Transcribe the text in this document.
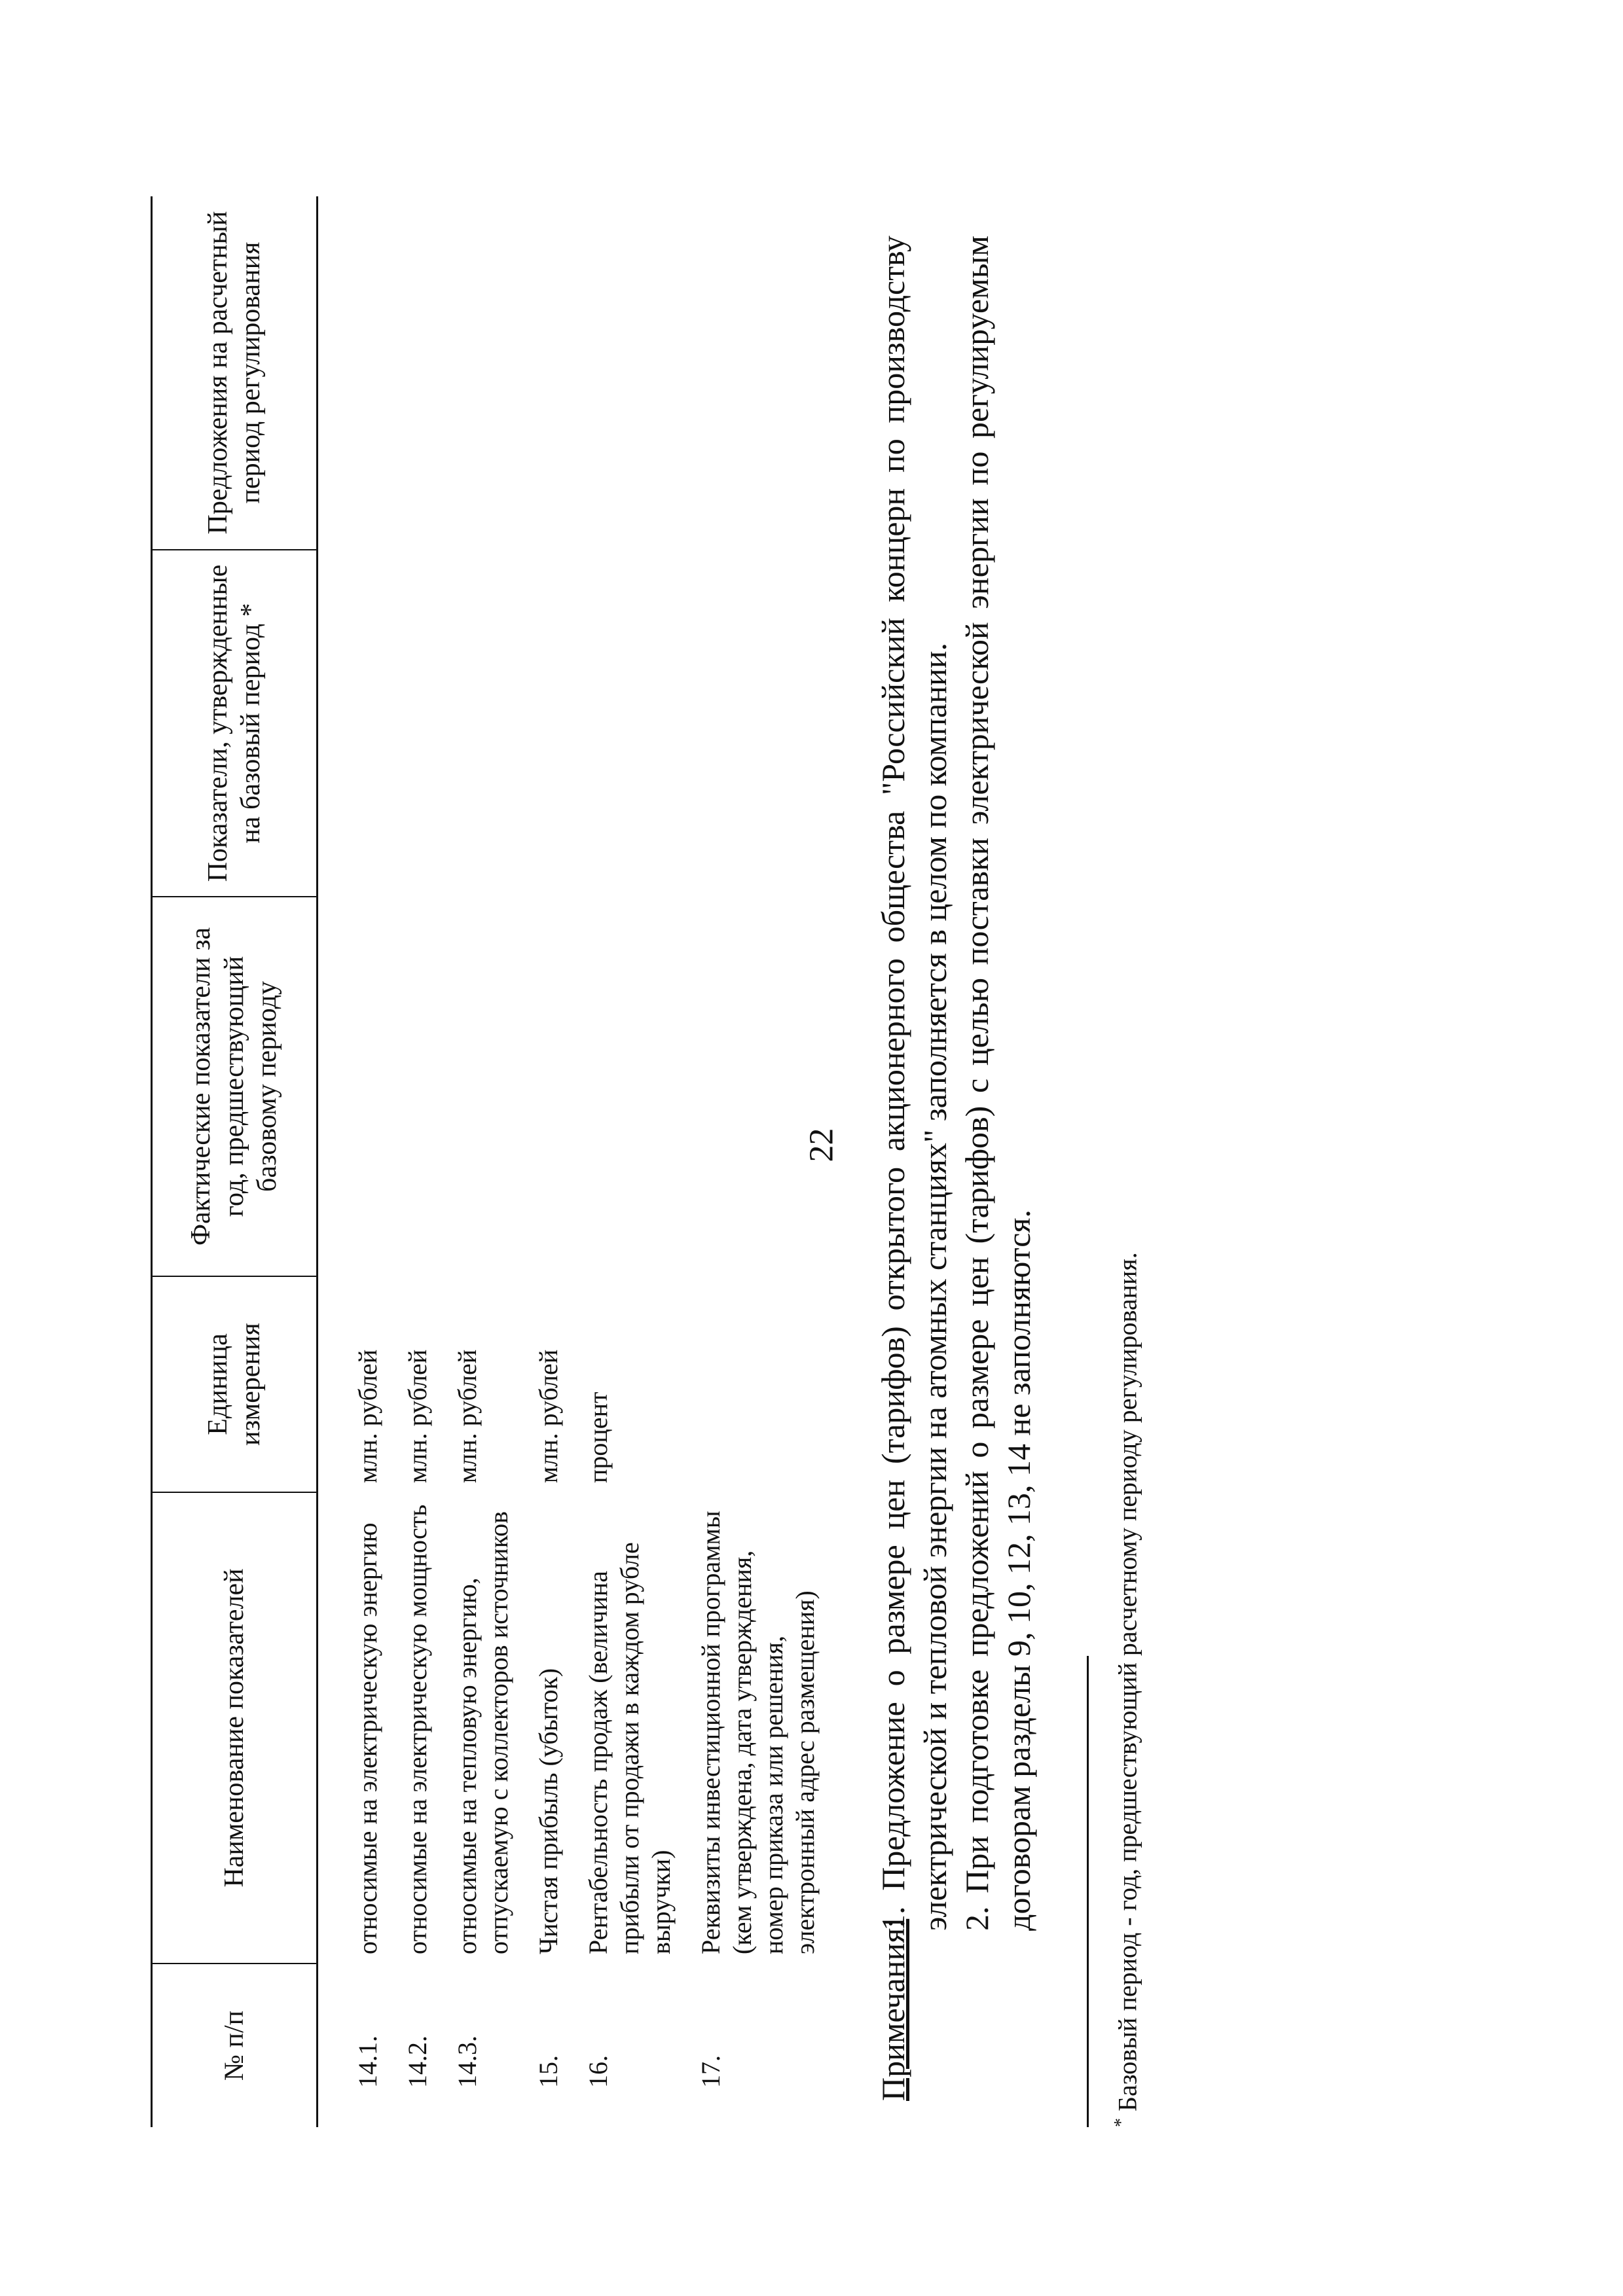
22
№ п/п	Наименование показателей	Единица измерения	Фактические показатели за год, предшествующий базовому периоду	Показатели, утвержденные на базовый период *	Предложения на расчетный период регулирования
14.1.	относимые на электрическую энергию	млн. рублей			
14.2.	относимые на электрическую мощность	млн. рублей			
14.3.	относимые на тепловую энергию, отпускаемую с коллекторов источников	млн. рублей			
15.	Чистая прибыль (убыток)	млн. рублей			
16.	Рентабельность продаж (величина прибыли от продажи в каждом рубле выручки)	процент			
17.	Реквизиты инвестиционной программы (кем утверждена, дата утверждения, номер приказа или решения, электронный адрес размещения)				
Примечания:
1. Предложение о размере цен (тарифов) открытого акционерного общества "Российский концерн по производству электрической и тепловой энергии на атомных станциях" заполняется в целом по компании. 2. При подготовке предложений о размере цен (тарифов) с целью поставки электрической энергии по регулируемым договорам разделы 9, 10, 12, 13, 14 не заполняются.
* Базовый период - год, предшествующий расчетному периоду регулирования.
